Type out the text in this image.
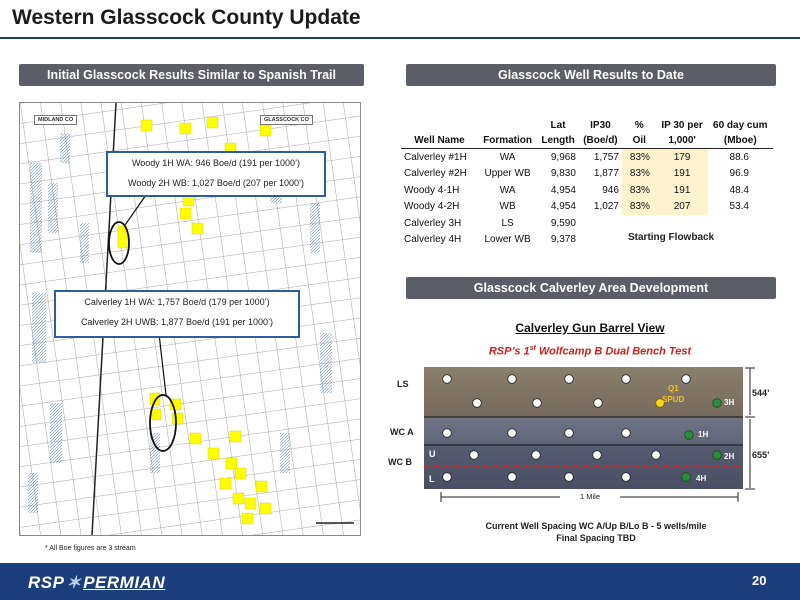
Western Glasscock County Update
Initial Glasscock Results Similar to Spanish Trail
MIDLAND CO	GLASSCOCK CO
Woody 1H WA: 946 Boe/d (191 per 1000’)
Woody 2H WB: 1,027 Boe/d (207 per 1000’)
Calverley 1H WA: 1,757 Boe/d (179 per 1000’)
Calverley 2H UWB: 1,877 Boe/d (191 per 1000’)
* All Boe figures are 3 stream
Glasscock Well Results to Date
		Lat	IP30	%	IP 30 per	60 day cum
Well Name	Formation	Length	(Boe/d)	Oil	1,000'	(Mboe)
Calverley #1H	WA	9,968	1,757	83%	179	88.6
Calverley #2H	Upper WB	9,830	1,877	83%	191	96.9
Woody 4-1H	WA	4,954	946	83%	191	48.4
Woody 4-2H	WB	4,954	1,027	83%	207	53.4
Calverley 3H	LS	9,590				
Calverley 4H	Lower WB	9,378					Starting Flowback
Glasscock Calverley Area Development
Calverley Gun Barrel View
RSP’s 1st Wolfcamp B Dual Bench Test
LS
WC A
WC B
Q1
SPUD	3H
1H
2H
4H
U
L
544’
655’
1 Mile
Current Well Spacing WC A/Up B/Lo B - 5 wells/mile
Final Spacing TBD
RSP ✶ PERMIAN	20
